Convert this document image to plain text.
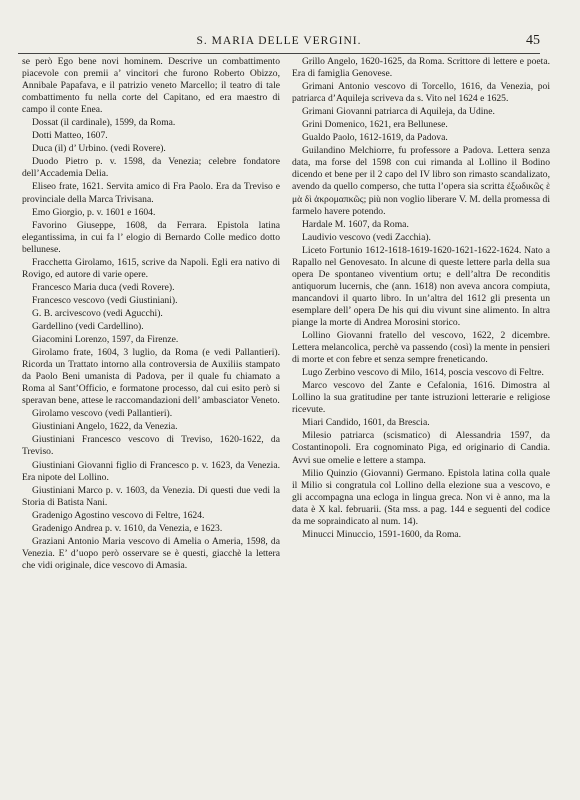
S. MARIA DELLE VERGINI.	45

se però Ego bene novi hominem. Descrive un combattimento piacevole con premii a’ vincitori che furono Roberto Obizzo, Annibale Papafava, e il patrizio veneto Marcello; il teatro di tale combattimento fu nella corte del Capitano, ed era maestro di campo il conte Enea.

Dossat (il cardinale), 1599, da Roma.

Dotti Matteo, 1607.

Duca (il) d’ Urbino. (vedi Rovere).

Duodo Pietro p. v. 1598, da Venezia; celebre fondatore dell’Accademia Delia.

Eliseo frate, 1621. Servita amico di Fra Paolo. Era da Treviso e provinciale della Marca Trivisana.

Emo Giorgio, p. v. 1601 e 1604.

Favorino Giuseppe, 1608, da Ferrara. Epistola latina elegantissima, in cui fa l’ elogio di Bernardo Colle medico dotto bellunese.

Fracchetta Girolamo, 1615, scrive da Napoli. Egli era nativo di Rovigo, ed autore di varie opere.

Francesco Maria duca (vedi Rovere).

Francesco vescovo (vedi Giustiniani).

G. B. arcivescovo (vedi Agucchi).

Gardellino (vedi Cardellino).

Giacomini Lorenzo, 1597, da Firenze.

Girolamo frate, 1604, 3 luglio, da Roma (e vedi Pallantieri). Ricorda un Trattato intorno alla controversia de Auxiliis stampato da Paolo Beni umanista di Padova, per il quale fu chiamato a Roma al Sant’Officio, e formatone processo, dal cui esito però si speravan bene, attese le raccomandazioni dell’ ambasciator Veneto.

Girolamo vescovo (vedi Pallantieri).

Giustiniani Angelo, 1622, da Venezia.

Giustiniani Francesco vescovo di Treviso, 1620-1622, da Treviso.

Giustiniani Giovanni figlio di Francesco p. v. 1623, da Venezia. Era nipote del Lollino.

Giustiniani Marco p. v. 1603, da Venezia. Di questi due vedi la Storia di Batista Nani.

Gradenigo Agostino vescovo di Feltre, 1624.

Gradenigo Andrea p. v. 1610, da Venezia, e 1623.

Graziani Antonio Maria vescovo di Amelia o Ameria, 1598, da Venezia. E’ d’uopo però osservare se è questi, giacchè la lettera che vidi originale, dice vescovo di Amasia.

Grillo Angelo, 1620-1625, da Roma. Scrittore di lettere e poeta. Era di famiglia Genovese.

Grimani Antonio vescovo di Torcello, 1616, da Venezia, poi patriarca d’Aquileja scriveva da s. Vito nel 1624 e 1625.

Grimani Giovanni patriarca di Aquileja, da Udine.

Grini Domenico, 1621, era Bellunese.

Gualdo Paolo, 1612-1619, da Padova.

Guilandino Melchiorre, fu professore a Padova. Lettera senza data, ma forse del 1598 con cui rimanda al Lollino il Bodino dicendo et bene per il 2 capo del IV libro son rimasto scandalizato, avendo da quello comperso, che tutta l’opera sia scritta ἐξωδικῶς ὲ μὰ δὶ ἀκρομαπκῶς; più non voglio liberare V. M. della promessa di farmelo havere potendo.

Hardale M. 1607, da Roma.

Laudivio vescovo (vedi Zacchia).

Liceto Fortunio 1612-1618-1619-1620-1621-1622-1624. Nato a Rapallo nel Genovesato. In alcune di queste lettere parla della sua opera De spontaneo viventium ortu; e dell’altra De reconditis antiquorum lucernis, che (ann. 1618) non aveva ancora compiuta, mancandovi il quarto libro. In un’altra del 1612 gli presenta un esemplare dell’ opera De his qui diu vivunt sine alimento. In altra piange la morte di Andrea Morosini storico.

Lollino Giovanni fratello del vescovo, 1622, 2 dicembre. Lettera melancolica, perchè va passendo (così) la mente in pensieri di morte et con febre et senza sempre freneticando.

Lugo Zerbino vescovo di Milo, 1614, poscia vescovo di Feltre.

Marco vescovo del Zante e Cefalonia, 1616. Dimostra al Lollino la sua gratitudine per tante istruzioni letterarie e religiose ricevute.

Miari Candido, 1601, da Brescia.

Milesio patriarca (scismatico) di Alessandria 1597, da Costantinopoli. Era cognominato Piga, ed originario di Candia. Avvi sue omelie e lettere a stampa.

Milio Quinzio (Giovanni) Germano. Epistola latina colla quale il Milio si congratula col Lollino della elezione sua a vescovo, e gli accompagna una ecloga in lingua greca. Non vi è anno, ma la data è X kal. februarii. (Sta mss. a pag. 144 e seguenti del codice da me sopraindicato al num. 14).

Minucci Minuccio, 1591-1600, da Roma.
